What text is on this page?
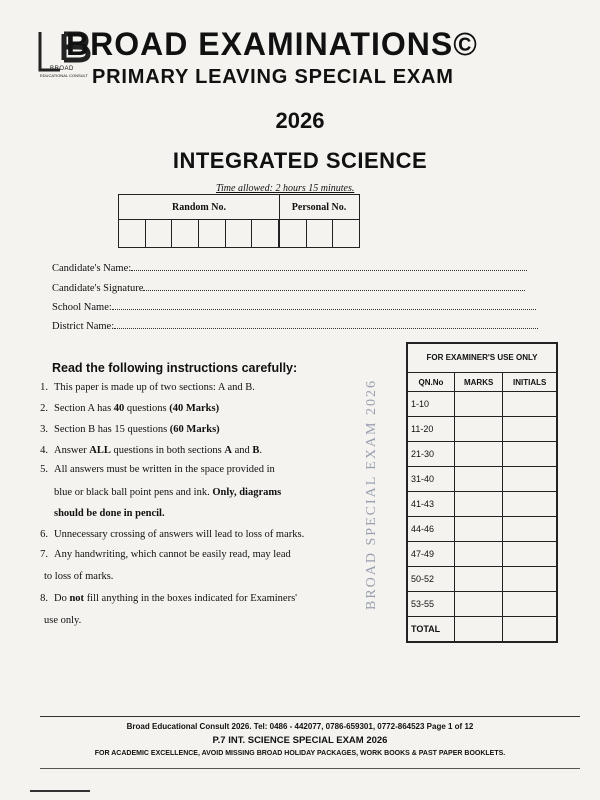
BROAD
EDUCATIONAL CONSULT
BROAD EXAMINATIONS©
PRIMARY LEAVING SPECIAL EXAM
2026
INTEGRATED SCIENCE
Time allowed: 2 hours 15 minutes.
Random No.	Personal No.
Candidate's Name:
Candidate's Signature
School Name:
District Name:
Read the following instructions carefully:
1. This paper is made up of two sections: A and B.
2. Section A has 40 questions (40 Marks)
3. Section B has 15 questions (60 Marks)
4. Answer ALL questions in both sections A and B.
5. All answers must be written in the space provided in
blue or black ball point pens and ink. Only, diagrams
should be done in pencil.
6. Unnecessary crossing of answers will lead to loss of marks.
7. Any handwriting, which cannot be easily read, may lead
to loss of marks.
8. Do not fill anything in the boxes indicated for Examiners'
use only.
BROAD SPECIAL EXAM 2026
FOR EXAMINER'S USE ONLY		
QN.No	MARKS	INITIALS
1-10		
11-20		
21-30		
31-40		
41-43		
44-46		
47-49		
50-52		
53-55		
TOTAL		
Broad Educational Consult 2026. Tel: 0486 - 442077, 0786-659301, 0772-864523 Page 1 of 12
P.7 INT. SCIENCE SPECIAL EXAM 2026
FOR ACADEMIC EXCELLENCE, AVOID MISSING BROAD HOLIDAY PACKAGES, WORK BOOKS & PAST PAPER BOOKLETS.
